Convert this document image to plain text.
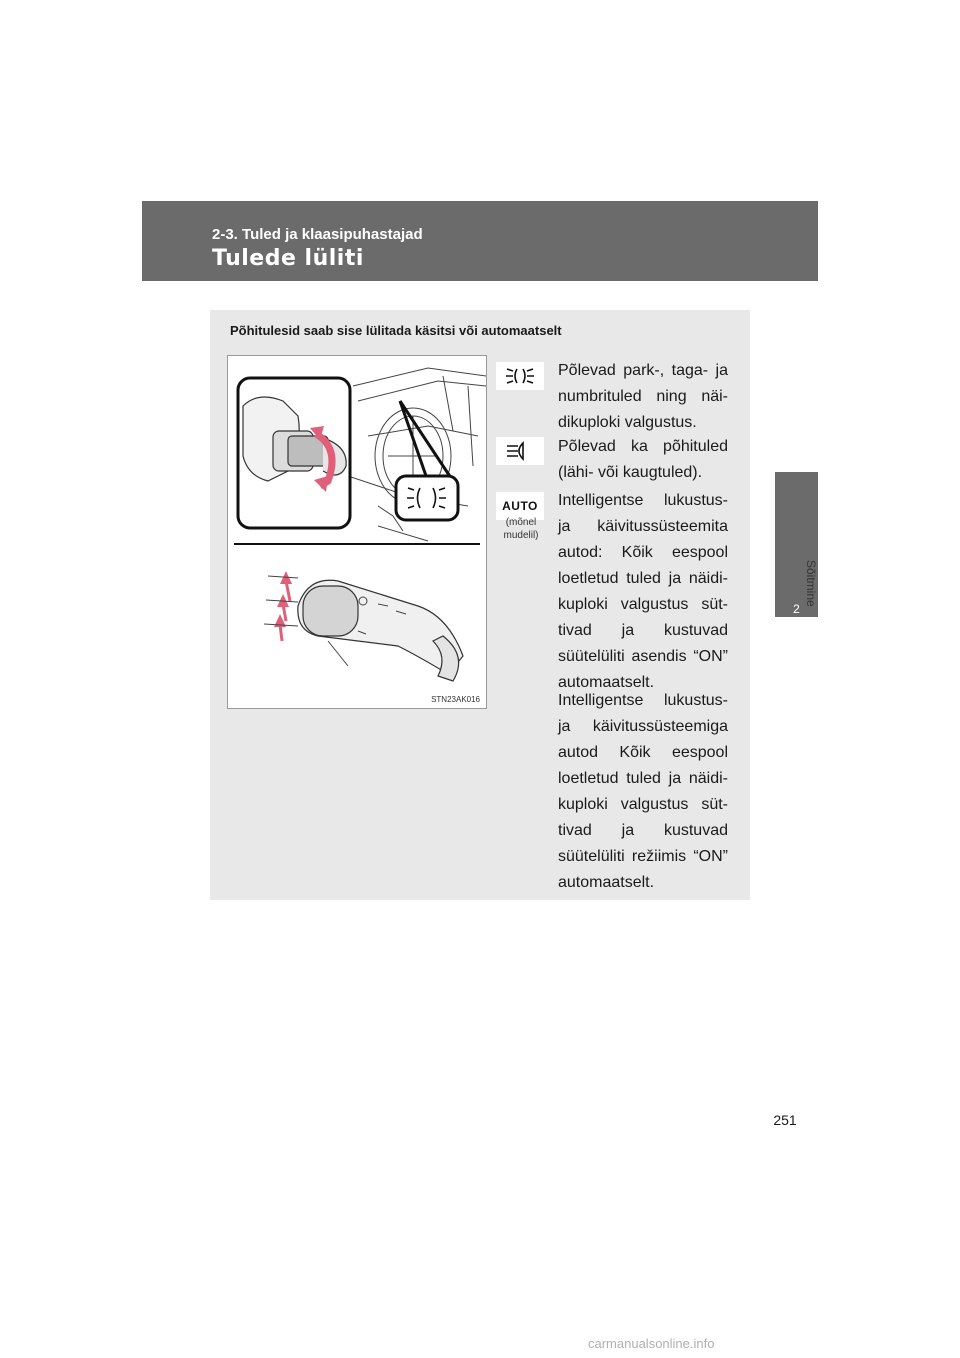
2-3. Tuled ja klaasipuhastajad
Tulede lüliti
2
Sõitmine
Põhitulesid saab sise lülitada käsitsi või automaatselt
STN23AK016
Põlevad park-, taga- ja numbrituled ning näi-dikuploki valgustus.
Põlevad ka põhituled (lähi- või kaugtuled).
AUTO
(mõnel mudelil)
Intelligentse lukustus- ja käivitussüsteemita autod: Kõik eespool loetletud tuled ja näidi-kuploki valgustus süt-tivad ja kustuvad süütelüliti asendis “ON” automaatselt.
Intelligentse lukustus- ja käivitussüsteemiga autod Kõik eespool loetletud tuled ja näidi-kuploki valgustus süt-tivad ja kustuvad süütelüliti režiimis “ON” automaatselt.
251
carmanualsonline.info
